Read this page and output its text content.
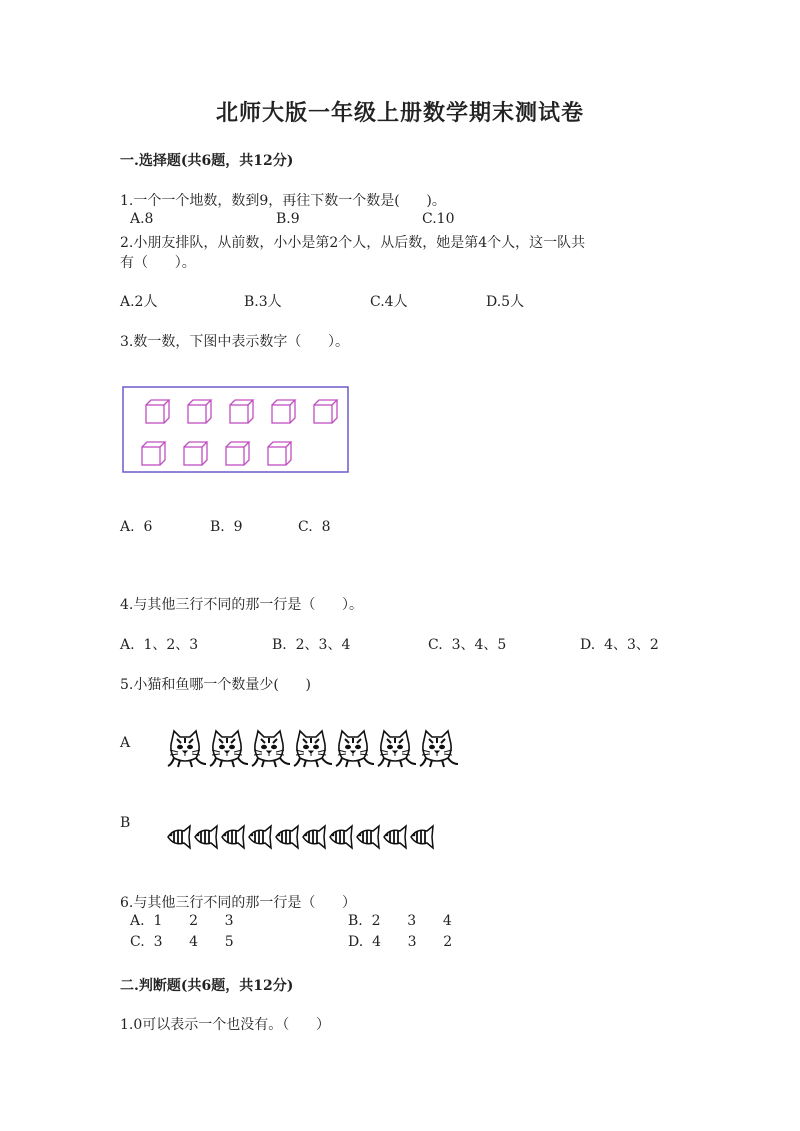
北师大版一年级上册数学期末测试卷
一.选择题(共6题，共12分)
1.一个一个地数，数到9，再往下数一个数是(      )。
A.8	B.9	C.10
2.小朋友排队，从前数，小小是第2个人，从后数，她是第4个人，这一队共
有（      ）。
A.2人	B.3人	C.4人	D.5人
3.数一数，下图中表示数字（      ）。
A.  6	B.  9	C.  8
4.与其他三行不同的那一行是（      ）。
A.  1、2、3	B.  2、3、4	C.  3、4、5	D.  4、3、2
5.小猫和鱼哪一个数量少(      )
A
B
6.与其他三行不同的那一行是（      ）
A.  1      2      3	B.  2      3      4
C.  3      4      5	D.  4      3      2
二.判断题(共6题，共12分)
1.0可以表示一个也没有。（      ）
